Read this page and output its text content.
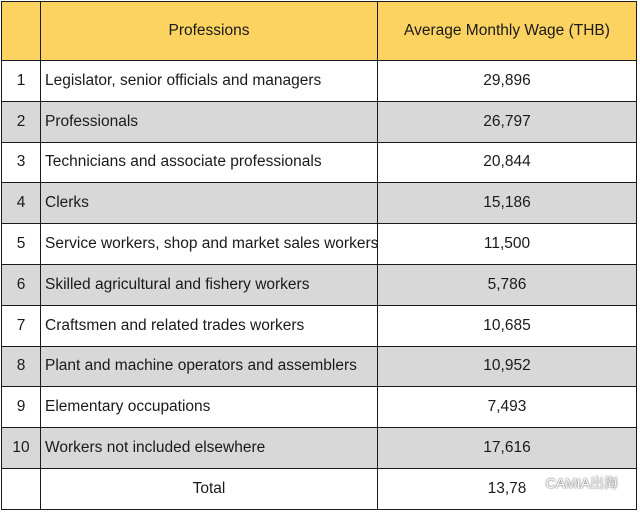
	Professions	Average Monthly Wage (THB)
1	Legislator, senior officials and managers	29,896
2	Professionals	26,797
3	Technicians and associate professionals	20,844
4	Clerks	15,186
5	Service workers, shop and market sales workers	11,500
6	Skilled agricultural and fishery workers	5,786
7	Craftsmen and related trades workers	10,685
8	Plant and machine operators and assemblers	10,952
9	Elementary occupations	7,493
10	Workers not included elsewhere	17,616
	Total	13,78 CAMIA出海
